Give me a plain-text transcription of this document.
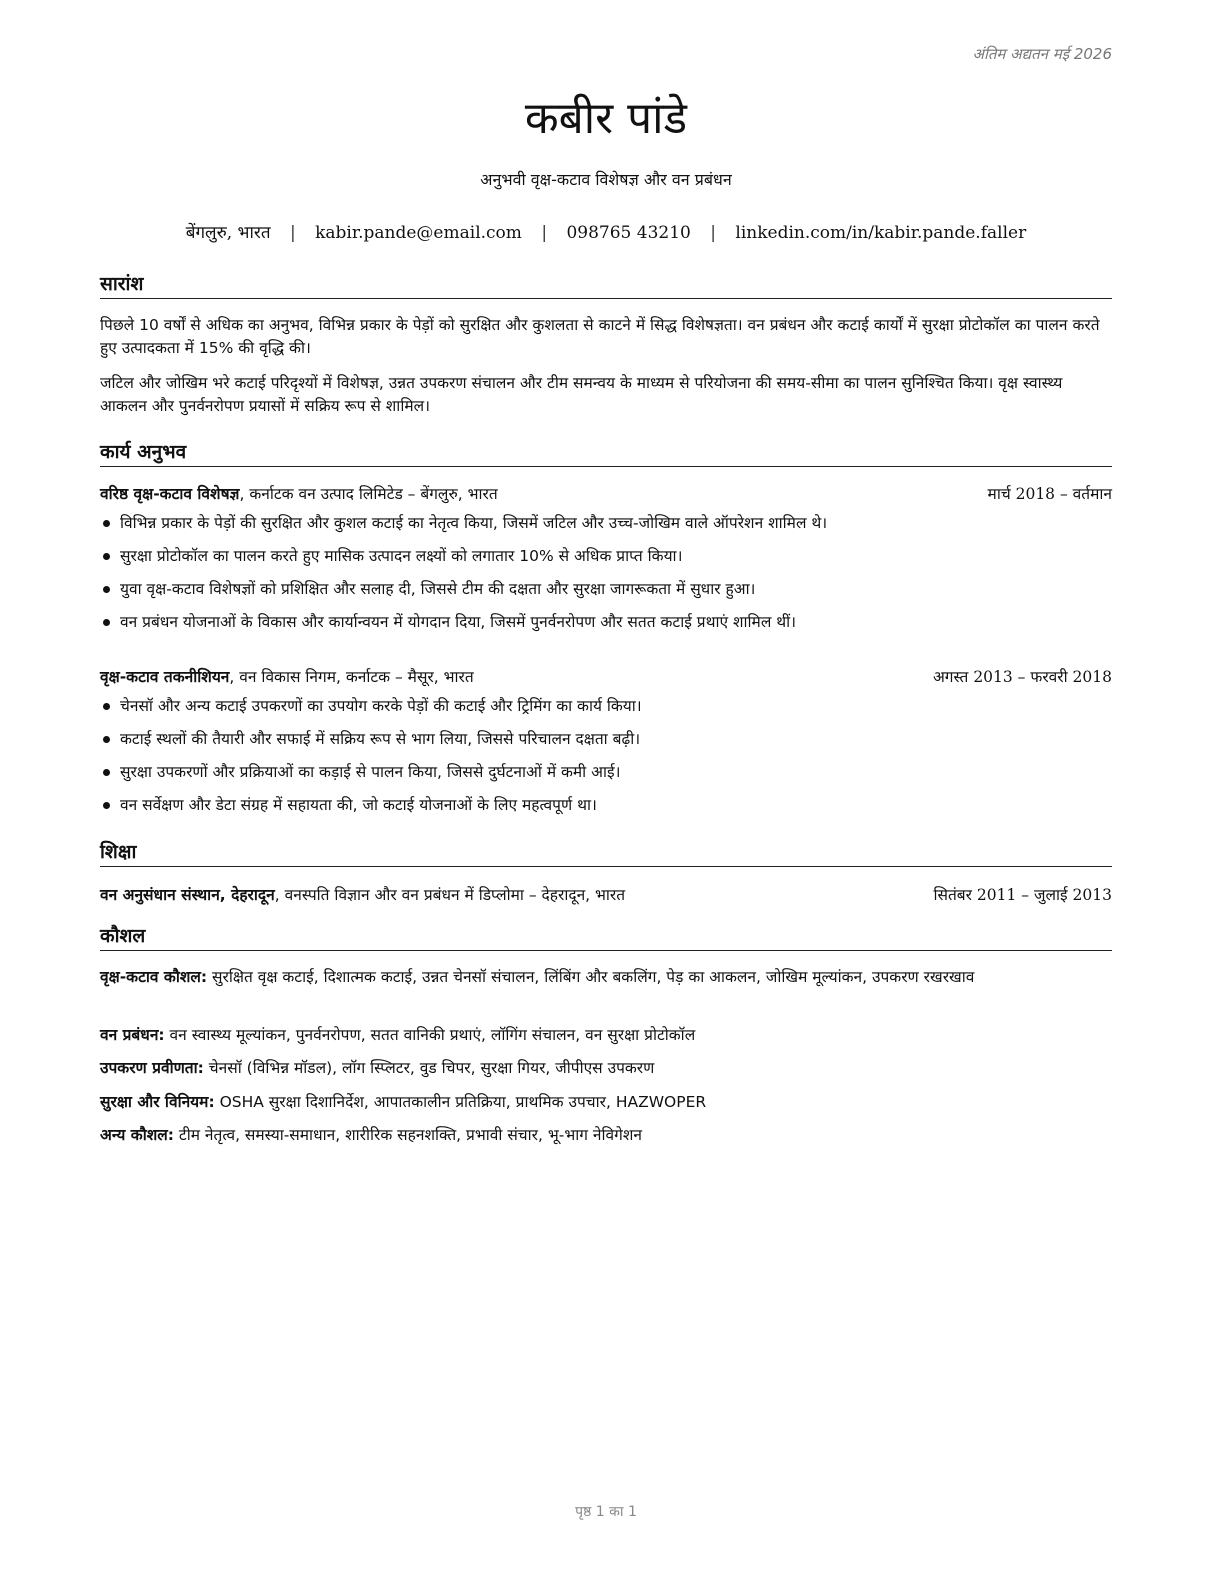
अंतिम अद्यतन मई 2026
कबीर पांडे
अनुभवी वृक्ष-कटाव विशेषज्ञ और वन प्रबंधन
बेंगलुरु, भारत | kabir.pande@email.com | 098765 43210 | linkedin.com/in/kabir.pande.faller
सारांश
पिछले 10 वर्षों से अधिक का अनुभव, विभिन्न प्रकार के पेड़ों को सुरक्षित और कुशलता से काटने में सिद्ध विशेषज्ञता। वन प्रबंधन और कटाई कार्यों में सुरक्षा प्रोटोकॉल का पालन करते हुए उत्पादकता में 15% की वृद्धि की।
जटिल और जोखिम भरे कटाई परिदृश्यों में विशेषज्ञ, उन्नत उपकरण संचालन और टीम समन्वय के माध्यम से परियोजना की समय-सीमा का पालन सुनिश्चित किया। वृक्ष स्वास्थ्य आकलन और पुनर्वनरोपण प्रयासों में सक्रिय रूप से शामिल।
कार्य अनुभव
वरिष्ठ वृक्ष-कटाव विशेषज्ञ, कर्नाटक वन उत्पाद लिमिटेड – बेंगलुरु, भारत	मार्च 2018 – वर्तमान
विभिन्न प्रकार के पेड़ों की सुरक्षित और कुशल कटाई का नेतृत्व किया, जिसमें जटिल और उच्च-जोखिम वाले ऑपरेशन शामिल थे।
सुरक्षा प्रोटोकॉल का पालन करते हुए मासिक उत्पादन लक्ष्यों को लगातार 10% से अधिक प्राप्त किया।
युवा वृक्ष-कटाव विशेषज्ञों को प्रशिक्षित और सलाह दी, जिससे टीम की दक्षता और सुरक्षा जागरूकता में सुधार हुआ।
वन प्रबंधन योजनाओं के विकास और कार्यान्वयन में योगदान दिया, जिसमें पुनर्वनरोपण और सतत कटाई प्रथाएं शामिल थीं।
वृक्ष-कटाव तकनीशियन, वन विकास निगम, कर्नाटक – मैसूर, भारत	अगस्त 2013 – फरवरी 2018
चेनसॉ और अन्य कटाई उपकरणों का उपयोग करके पेड़ों की कटाई और ट्रिमिंग का कार्य किया।
कटाई स्थलों की तैयारी और सफाई में सक्रिय रूप से भाग लिया, जिससे परिचालन दक्षता बढ़ी।
सुरक्षा उपकरणों और प्रक्रियाओं का कड़ाई से पालन किया, जिससे दुर्घटनाओं में कमी आई।
वन सर्वेक्षण और डेटा संग्रह में सहायता की, जो कटाई योजनाओं के लिए महत्वपूर्ण था।
शिक्षा
वन अनुसंधान संस्थान, देहरादून, वनस्पति विज्ञान और वन प्रबंधन में डिप्लोमा – देहरादून, भारत	सितंबर 2011 – जुलाई 2013
कौशल
वृक्ष-कटाव कौशल: सुरक्षित वृक्ष कटाई, दिशात्मक कटाई, उन्नत चेनसॉ संचालन, लिंबिंग और बकलिंग, पेड़ का आकलन, जोखिम मूल्यांकन, उपकरण रखरखाव
वन प्रबंधन: वन स्वास्थ्य मूल्यांकन, पुनर्वनरोपण, सतत वानिकी प्रथाएं, लॉगिंग संचालन, वन सुरक्षा प्रोटोकॉल
उपकरण प्रवीणता: चेनसॉ (विभिन्न मॉडल), लॉग स्प्लिटर, वुड चिपर, सुरक्षा गियर, जीपीएस उपकरण
सुरक्षा और विनियम: OSHA सुरक्षा दिशानिर्देश, आपातकालीन प्रतिक्रिया, प्राथमिक उपचार, HAZWOPER
अन्य कौशल: टीम नेतृत्व, समस्या-समाधान, शारीरिक सहनशक्ति, प्रभावी संचार, भू-भाग नेविगेशन
पृष्ठ 1 का 1
